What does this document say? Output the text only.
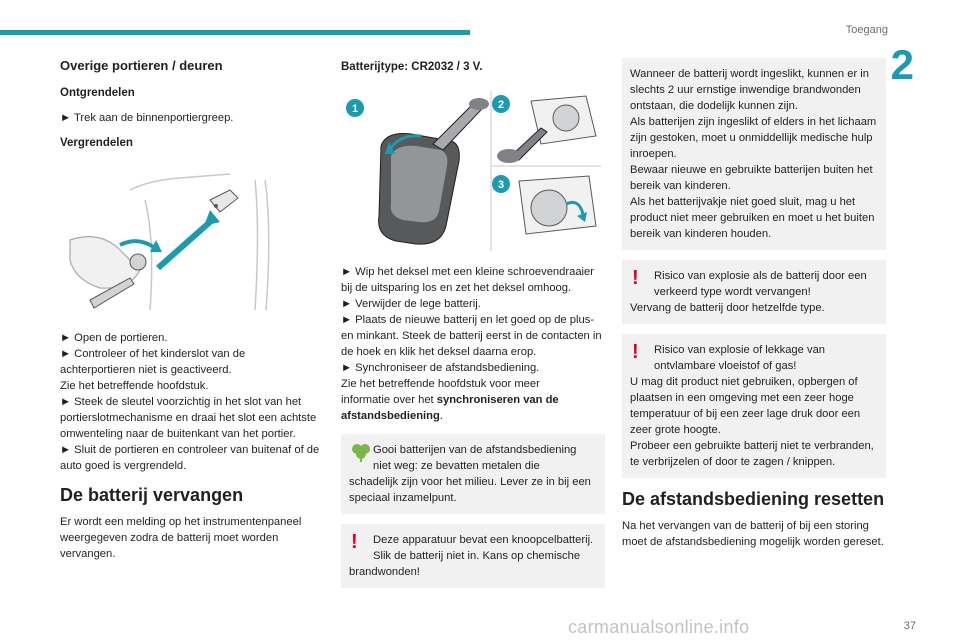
Toegang
2
Overige portieren / deuren
Ontgrendelen

► Trek aan de binnenportiergreep.

Vergrendelen

► Open de portieren.

► Controleer of het kinderslot van de

achterportieren niet is geactiveerd.

Zie het betreffende hoofdstuk.

► Steek de sleutel voorzichtig in het slot van het

portierslotmechanisme en draai het slot een achtste

omwenteling naar de buitenkant van het portier.

► Sluit de portieren en controleer van buitenaf of de

auto goed is vergrendeld.

De batterij vervangen

Er wordt een melding op het instrumentenpaneel

weergegeven zodra de batterij moet worden

vervangen.

Batterijtype: CR2032 / 3 V.
1	2
3

► Wip het deksel met een kleine schroevendraaier

bij de uitsparing los en zet het deksel omhoog.

► Verwijder de lege batterij.

► Plaats de nieuwe batterij en let goed op de plus-

en minkant. Steek de batterij eerst in de contacten in

de hoek en klik het deksel daarna erop.

► Synchroniseer de afstandsbediening.

Zie het betreffende hoofdstuk voor meer

informatie over het synchroniseren van de

afstandsbediening.

Gooi batterijen van de afstandsbediening

niet weg: ze bevatten metalen die

schadelijk zijn voor het milieu. Lever ze in bij een

speciaal inzamelpunt.

!	Deze apparatuur bevat een knoopcelbatterij.

Slik de batterij niet in. Kans op chemische

brandwonden!

Wanneer de batterij wordt ingeslikt, kunnen er in

slechts 2 uur ernstige inwendige brandwonden

ontstaan, die dodelijk kunnen zijn.

Als batterijen zijn ingeslikt of elders in het lichaam

zijn gestoken, moet u onmiddellijk medische hulp

inroepen.

Bewaar nieuwe en gebruikte batterijen buiten het

bereik van kinderen.

Als het batterijvakje niet goed sluit, mag u het

product niet meer gebruiken en moet u het buiten

bereik van kinderen houden.

!	Risico van explosie als de batterij door een

verkeerd type wordt vervangen!

Vervang de batterij door hetzelfde type.

!	Risico van explosie of lekkage van

ontvlambare vloeistof of gas!

U mag dit product niet gebruiken, opbergen of

plaatsen in een omgeving met een zeer hoge

temperatuur of bij een zeer lage druk door een

zeer grote hoogte.

Probeer een gebruikte batterij niet te verbranden,

te verbrijzelen of door te zagen / knippen.

De afstandsbediening resetten

Na het vervangen van de batterij of bij een storing

moet de afstandsbediening mogelijk worden gereset.

37
carmanualsonline.info
